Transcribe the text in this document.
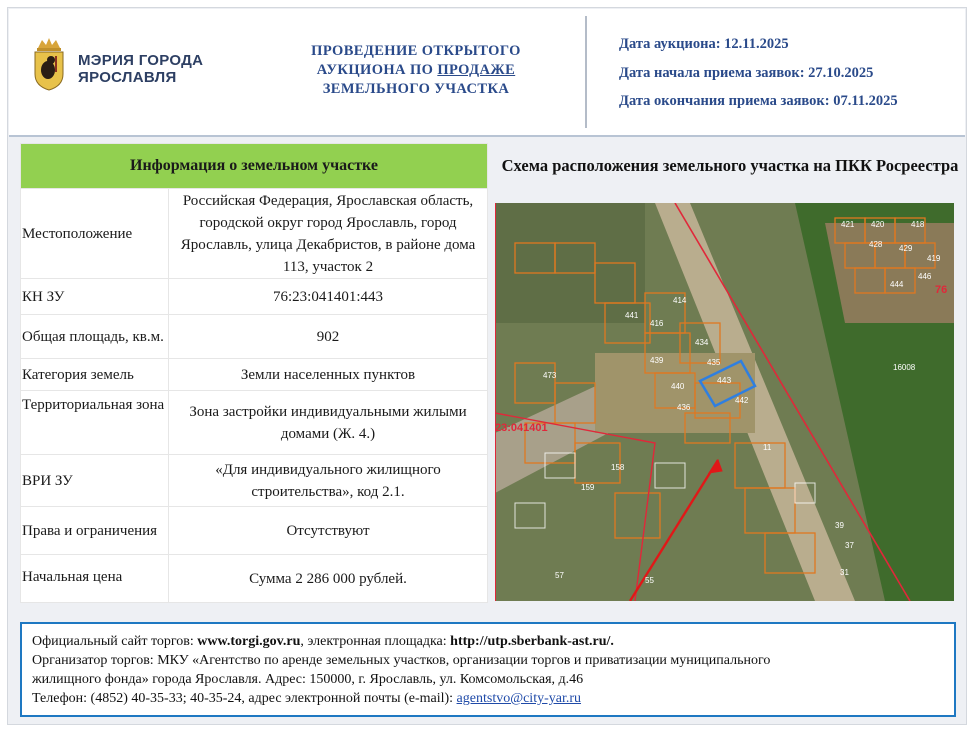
МЭРИЯ ГОРОДА
ЯРОСЛАВЛЯ
ПРОВЕДЕНИЕ ОТКРЫТОГО АУКЦИОНА ПО ПРОДАЖЕ ЗЕМЕЛЬНОГО УЧАСТКА
Дата аукциона: 12.11.2025
Дата начала приема заявок: 27.10.2025
Дата окончания приема заявок: 07.11.2025
Информация о земельном участке	
Местоположение	Российская Федерация, Ярославская область, городской округ город Ярославль, город Ярославль, улица Декабристов, в районе дома 113, участок 2
КН ЗУ	76:23:041401:443
Общая площадь, кв.м.	902
Категория земель	Земли населенных пунктов
Территориальная зона	Зона застройки индивидуальными жилыми домами (Ж. 4.)
ВРИ ЗУ	«Для индивидуального жилищного строительства», код 2.1.
Права и ограничения	Отсутствуют
Начальная цена	Сумма 2 286 000 рублей.
Схема расположения земельного участка на ПКК Росреестра
421 420	418
428 429
419
444
446
414
441
434
439	435
440
442
436
416
16008
473
158
159
11
55
57	31
37
39
443
23:041401
76
Официальный сайт торгов: www.torgi.gov.ru, электронная площадка: http://utp.sberbank-ast.ru/.
Организатор торгов: МКУ «Агентство по аренде земельных участков, организации торгов и приватизации муниципального
жилищного фонда» города Ярославля. Адрес: 150000, г. Ярославль, ул. Комсомольская, д.46
Телефон: (4852) 40-35-33; 40-35-24, адрес электронной почты (e-mail): agentstvo@city-yar.ru
